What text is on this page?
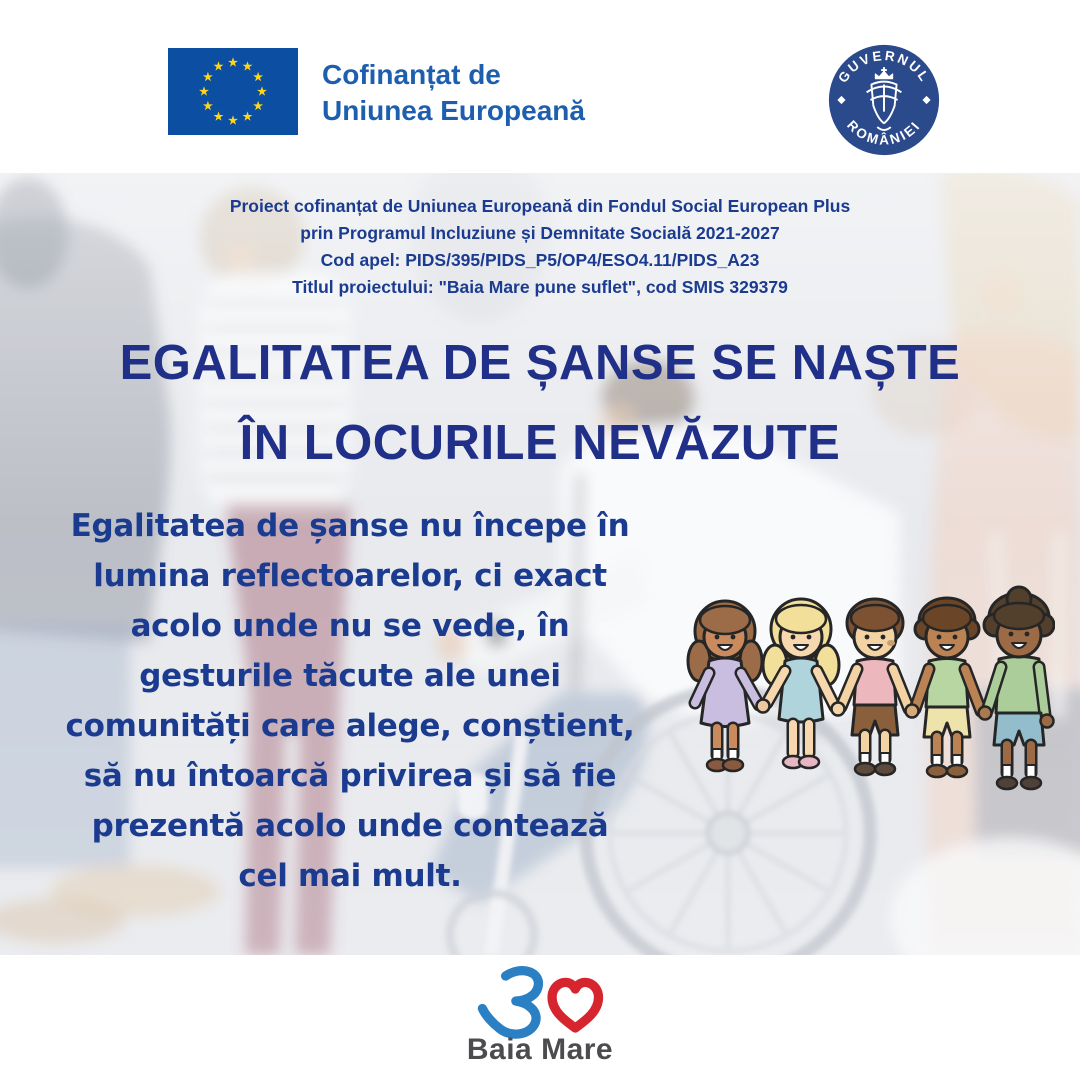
Cofinanțat de
Uniunea Europeană
GUVERNUL
ROMÂNIEI
Proiect cofinanțat de Uniunea Europeană din Fondul Social European Plus
prin Programul Incluziune și Demnitate Socială 2021-2027
Cod apel: PIDS/395/PIDS_P5/OP4/ESO4.11/PIDS_A23
Titlul proiectului: "Baia Mare pune suflet", cod SMIS 329379
EGALITATEA DE ȘANSE SE NAȘTE
ÎN LOCURILE NEVĂZUTE
Egalitatea de șanse nu începe în
lumina reflectoarelor, ci exact
acolo unde nu se vede, în
gesturile tăcute ale unei
comunități care alege, conștient,
să nu întoarcă privirea și să fie
prezentă acolo unde contează
cel mai mult.
Baia Mare
